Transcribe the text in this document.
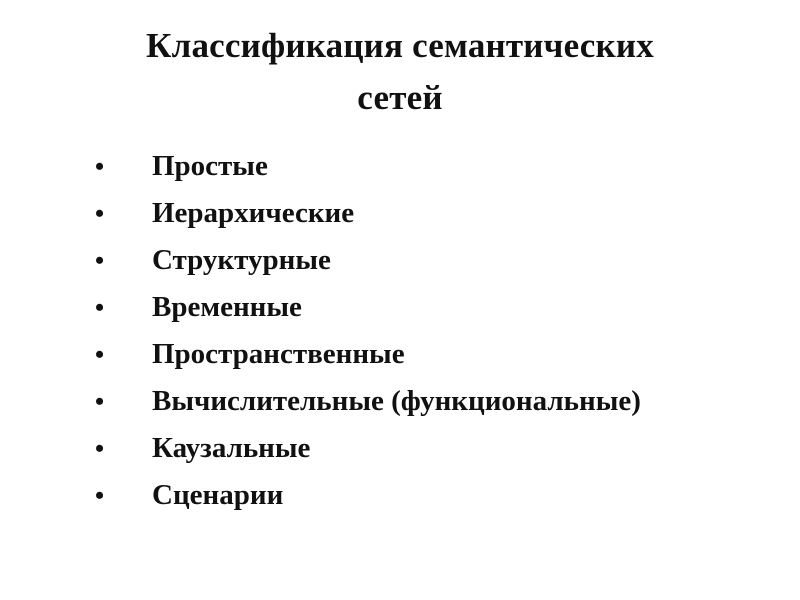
Классификация семантических
сетей
•	Простые
•	Иерархические
•	Структурные
•	Временные
•	Пространственные
•	Вычислительные (функциональные)
•	Каузальные
•	Сценарии
